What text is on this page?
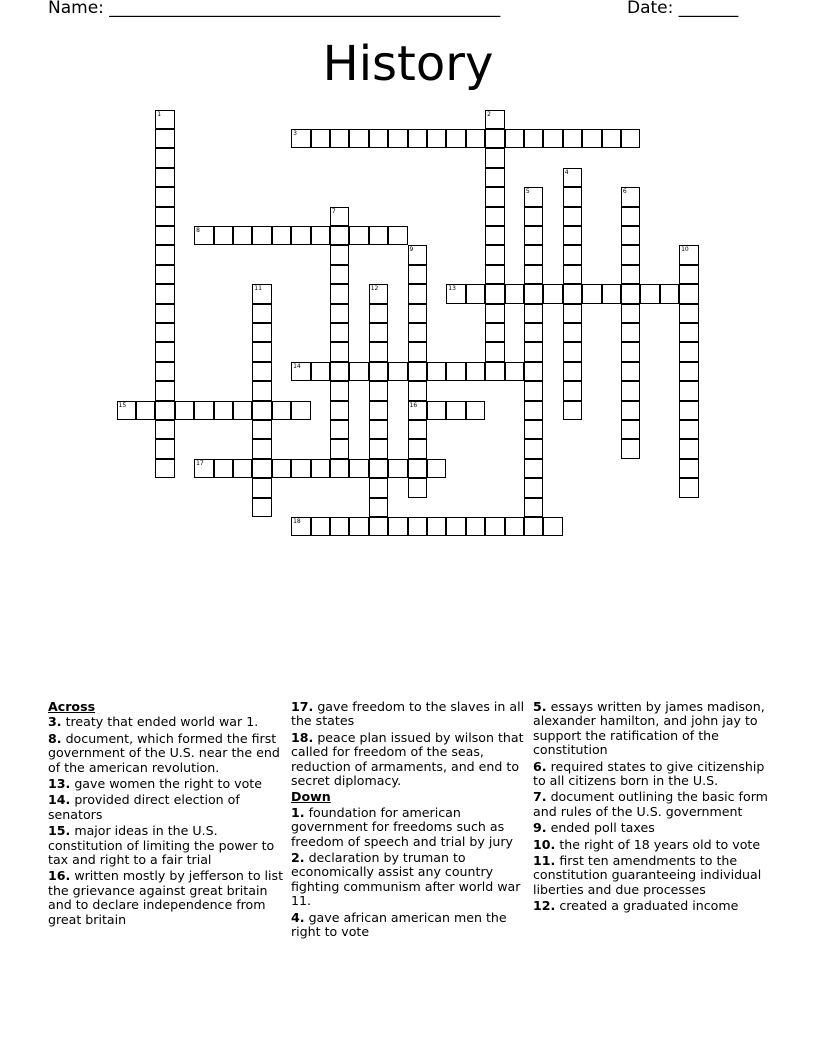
Name: ______________________________________________	Date: _______
History
3
8
13
14
15	16
17
18
1	2
4
5	6
7
9	10
11	12
Across
3. treaty that ended world war 1.
8. document, which formed the first government of the U.S. near the end of the american revolution.
13. gave women the right to vote
14. provided direct election of senators
15. major ideas in the U.S. constitution of limiting the power to tax and right to a fair trial
16. written mostly by jefferson to list the grievance against great britain and to declare independence from great britain
17. gave freedom to the slaves in all the states
18. peace plan issued by wilson that called for freedom of the seas, reduction of armaments, and end to secret diplomacy.
Down
1. foundation for american government for freedoms such as freedom of speech and trial by jury
2. declaration by truman to economically assist any country fighting communism after world war 11.
4. gave african american men the right to vote
5. essays written by james madison, alexander hamilton, and john jay to support the ratification of the constitution
6. required states to give citizenship to all citizens born in the U.S.
7. document outlining the basic form and rules of the U.S. government
9. ended poll taxes
10. the right of 18 years old to vote
11. first ten amendments to the constitution guaranteeing individual liberties and due processes
12. created a graduated income
